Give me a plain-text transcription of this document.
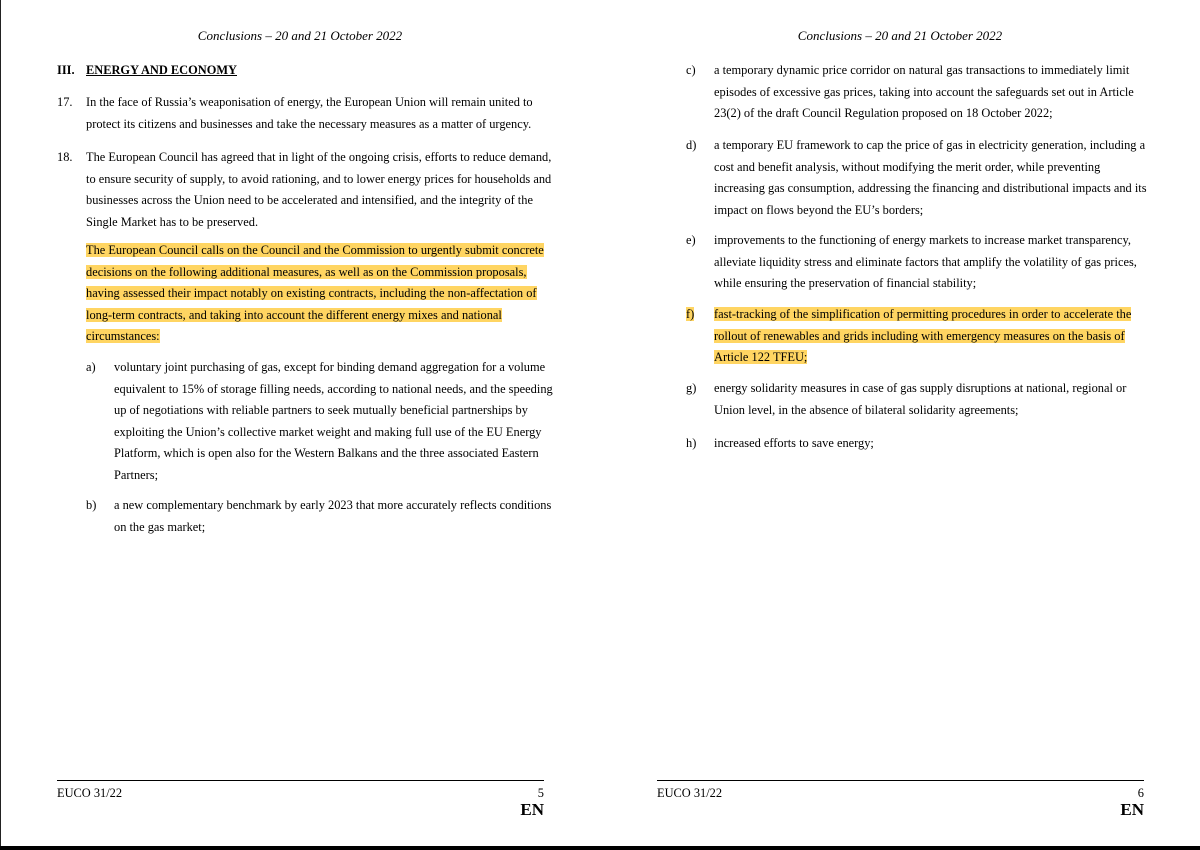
Conclusions – 20 and 21 October 2022
III. ENERGY AND ECONOMY
17. In the face of Russia’s weaponisation of energy, the European Union will remain united to
protect its citizens and businesses and take the necessary measures as a matter of urgency.
18. The European Council has agreed that in light of the ongoing crisis, efforts to reduce demand,
to ensure security of supply, to avoid rationing, and to lower energy prices for households and
businesses across the Union need to be accelerated and intensified, and the integrity of the
Single Market has to be preserved.
The European Council calls on the Council and the Commission to urgently submit concrete
decisions on the following additional measures, as well as on the Commission proposals,
having assessed their impact notably on existing contracts, including the non-affectation of
long-term contracts, and taking into account the different energy mixes and national
circumstances:
a) voluntary joint purchasing of gas, except for binding demand aggregation for a volume
equivalent to 15% of storage filling needs, according to national needs, and the speeding
up of negotiations with reliable partners to seek mutually beneficial partnerships by
exploiting the Union’s collective market weight and making full use of the EU Energy
Platform, which is open also for the Western Balkans and the three associated Eastern
Partners;
b) a new complementary benchmark by early 2023 that more accurately reflects conditions
on the gas market;
EUCO 31/22	5
EN
Conclusions – 20 and 21 October 2022
c) a temporary dynamic price corridor on natural gas transactions to immediately limit
episodes of excessive gas prices, taking into account the safeguards set out in Article
23(2) of the draft Council Regulation proposed on 18 October 2022;
d) a temporary EU framework to cap the price of gas in electricity generation, including a
cost and benefit analysis, without modifying the merit order, while preventing
increasing gas consumption, addressing the financing and distributional impacts and its
impact on flows beyond the EU’s borders;
e) improvements to the functioning of energy markets to increase market transparency,
alleviate liquidity stress and eliminate factors that amplify the volatility of gas prices,
while ensuring the preservation of financial stability;
f) fast-tracking of the simplification of permitting procedures in order to accelerate the
rollout of renewables and grids including with emergency measures on the basis of
Article 122 TFEU;
g) energy solidarity measures in case of gas supply disruptions at national, regional or
Union level, in the absence of bilateral solidarity agreements;
h) increased efforts to save energy;
EUCO 31/22	6
EN
